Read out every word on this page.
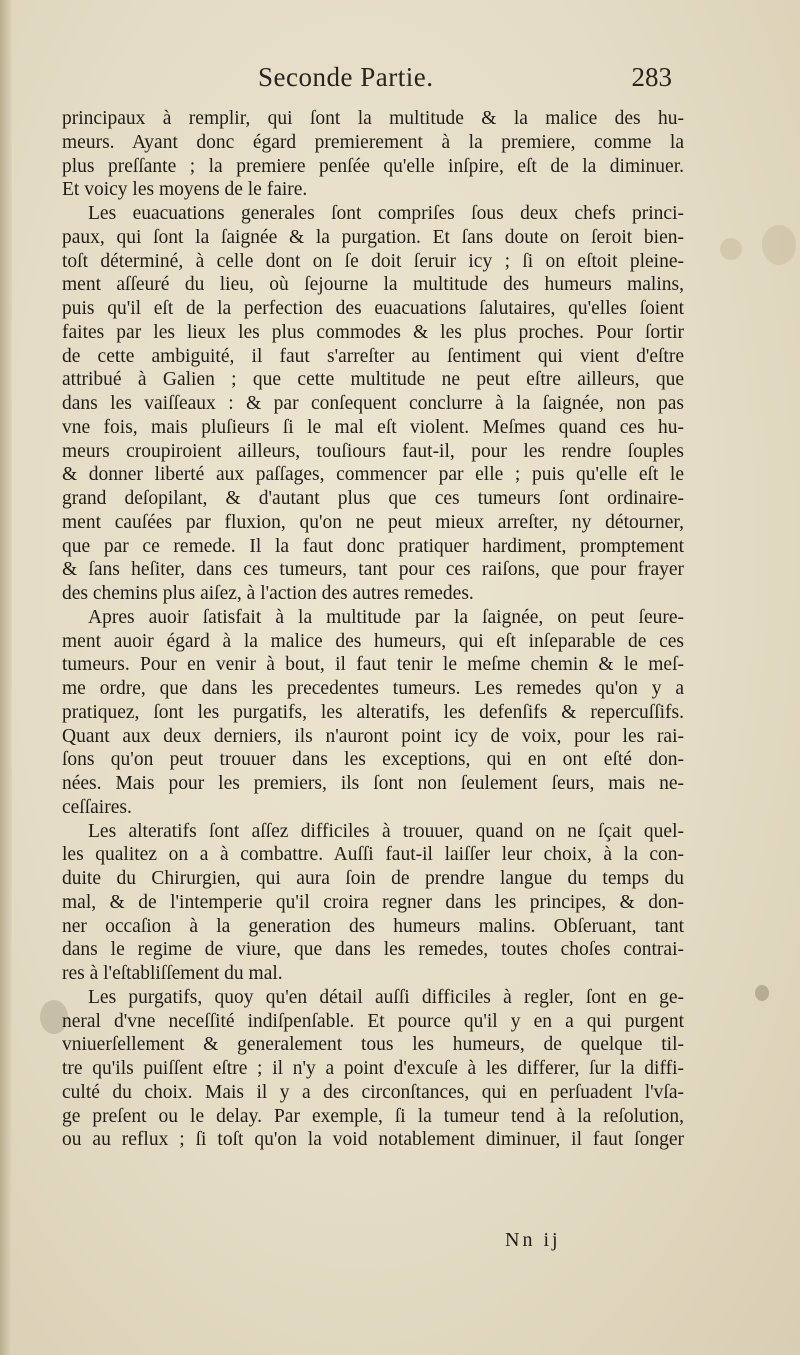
Seconde Partie.	283
principaux à remplir, qui ſont la multitude & la malice des hu-
meurs. Ayant donc égard premierement à la premiere, comme la
plus preſſante ; la premiere penſée qu'elle inſpire, eſt de la diminuer.
Et voicy les moyens de le faire.
Les euacuations generales ſont compriſes ſous deux chefs princi-
paux, qui ſont la ſaignée & la purgation. Et ſans doute on ſeroit bien-
toſt déterminé, à celle dont on ſe doit ſeruir icy ; ſi on eſtoit pleine-
ment aſſeuré du lieu, où ſejourne la multitude des humeurs malins,
puis qu'il eſt de la perfection des euacuations ſalutaires, qu'elles ſoient
faites par les lieux les plus commodes & les plus proches. Pour ſortir
de cette ambiguité, il faut s'arreſter au ſentiment qui vient d'eſtre
attribué à Galien ; que cette multitude ne peut eſtre ailleurs, que
dans les vaiſſeaux : & par conſequent conclurre à la ſaignée, non pas
vne fois, mais pluſieurs ſi le mal eſt violent. Meſmes quand ces hu-
meurs croupiroient ailleurs, touſiours faut-il, pour les rendre ſouples
& donner liberté aux paſſages, commencer par elle ; puis qu'elle eſt le
grand deſopilant, & d'autant plus que ces tumeurs ſont ordinaire-
ment cauſées par fluxion, qu'on ne peut mieux arreſter, ny détourner,
que par ce remede. Il la faut donc pratiquer hardiment, promptement
& ſans heſiter, dans ces tumeurs, tant pour ces raiſons, que pour frayer
des chemins plus aiſez, à l'action des autres remedes.
Apres auoir ſatisfait à la multitude par la ſaignée, on peut ſeure-
ment auoir égard à la malice des humeurs, qui eſt inſeparable de ces
tumeurs. Pour en venir à bout, il faut tenir le meſme chemin & le meſ-
me ordre, que dans les precedentes tumeurs. Les remedes qu'on y a
pratiquez, ſont les purgatifs, les alteratifs, les defenſifs & repercuſſifs.
Quant aux deux derniers, ils n'auront point icy de voix, pour les rai-
ſons qu'on peut trouuer dans les exceptions, qui en ont eſté don-
nées. Mais pour les premiers, ils ſont non ſeulement ſeurs, mais ne-
ceſſaires.
Les alteratifs ſont aſſez difficiles à trouuer, quand on ne ſçait quel-
les qualitez on a à combattre. Auſſi faut-il laiſſer leur choix, à la con-
duite du Chirurgien, qui aura ſoin de prendre langue du temps du
mal, & de l'intemperie qu'il croira regner dans les principes, & don-
ner occaſion à la generation des humeurs malins. Obſeruant, tant
dans le regime de viure, que dans les remedes, toutes choſes contrai-
res à l'eſtabliſſement du mal.
Les purgatifs, quoy qu'en détail auſſi difficiles à regler, ſont en ge-
neral d'vne neceſſité indiſpenſable. Et pource qu'il y en a qui purgent
vniuerſellement & generalement tous les humeurs, de quelque til-
tre qu'ils puiſſent eſtre ; il n'y a point d'excuſe à les differer, ſur la diffi-
culté du choix. Mais il y a des circonſtances, qui en perſuadent l'vſa-
ge preſent ou le delay. Par exemple, ſi la tumeur tend à la reſolution,
ou au reflux ; ſi toſt qu'on la void notablement diminuer, il faut ſonger
Nn ij
